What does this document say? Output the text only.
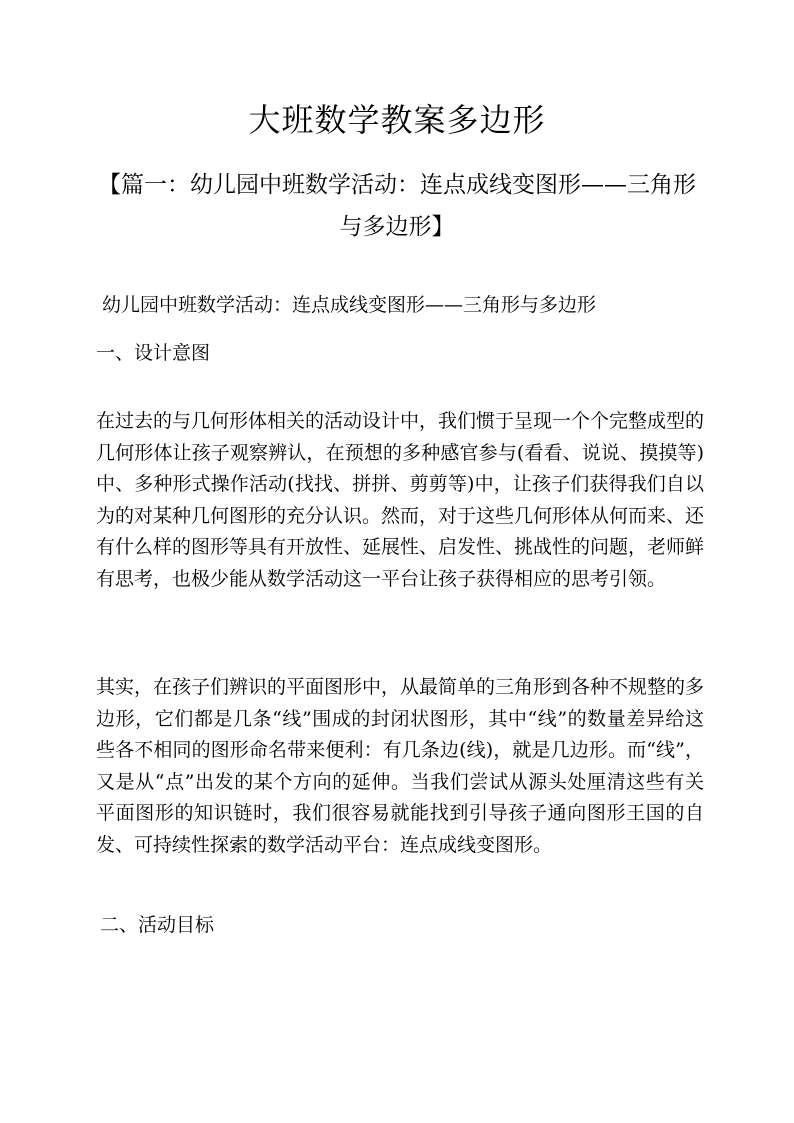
大班数学教案多边形
【篇一：幼儿园中班数学活动：连点成线变图形——三角形与多边形】

幼儿园中班数学活动：连点成线变图形——三角形与多边形

一、设计意图

在过去的与几何形体相关的活动设计中，我们惯于呈现一个个完整成型的几何形体让孩子观察辨认，在预想的多种感官参与(看看、说说、摸摸等)中、多种形式操作活动(找找、拼拼、剪剪等)中，让孩子们获得我们自以为的对某种几何图形的充分认识。然而，对于这些几何形体从何而来、还有什么样的图形等具有开放性、延展性、启发性、挑战性的问题，老师鲜有思考，也极少能从数学活动这一平台让孩子获得相应的思考引领。

其实，在孩子们辨识的平面图形中，从最简单的三角形到各种不规整的多边形，它们都是几条“线”围成的封闭状图形，其中“线”的数量差异给这些各不相同的图形命名带来便利：有几条边(线)，就是几边形。而“线”，又是从“点”出发的某个方向的延伸。当我们尝试从源头处厘清这些有关平面图形的知识链时，我们很容易就能找到引导孩子通向图形王国的自发、可持续性探索的数学活动平台：连点成线变图形。

二、活动目标
